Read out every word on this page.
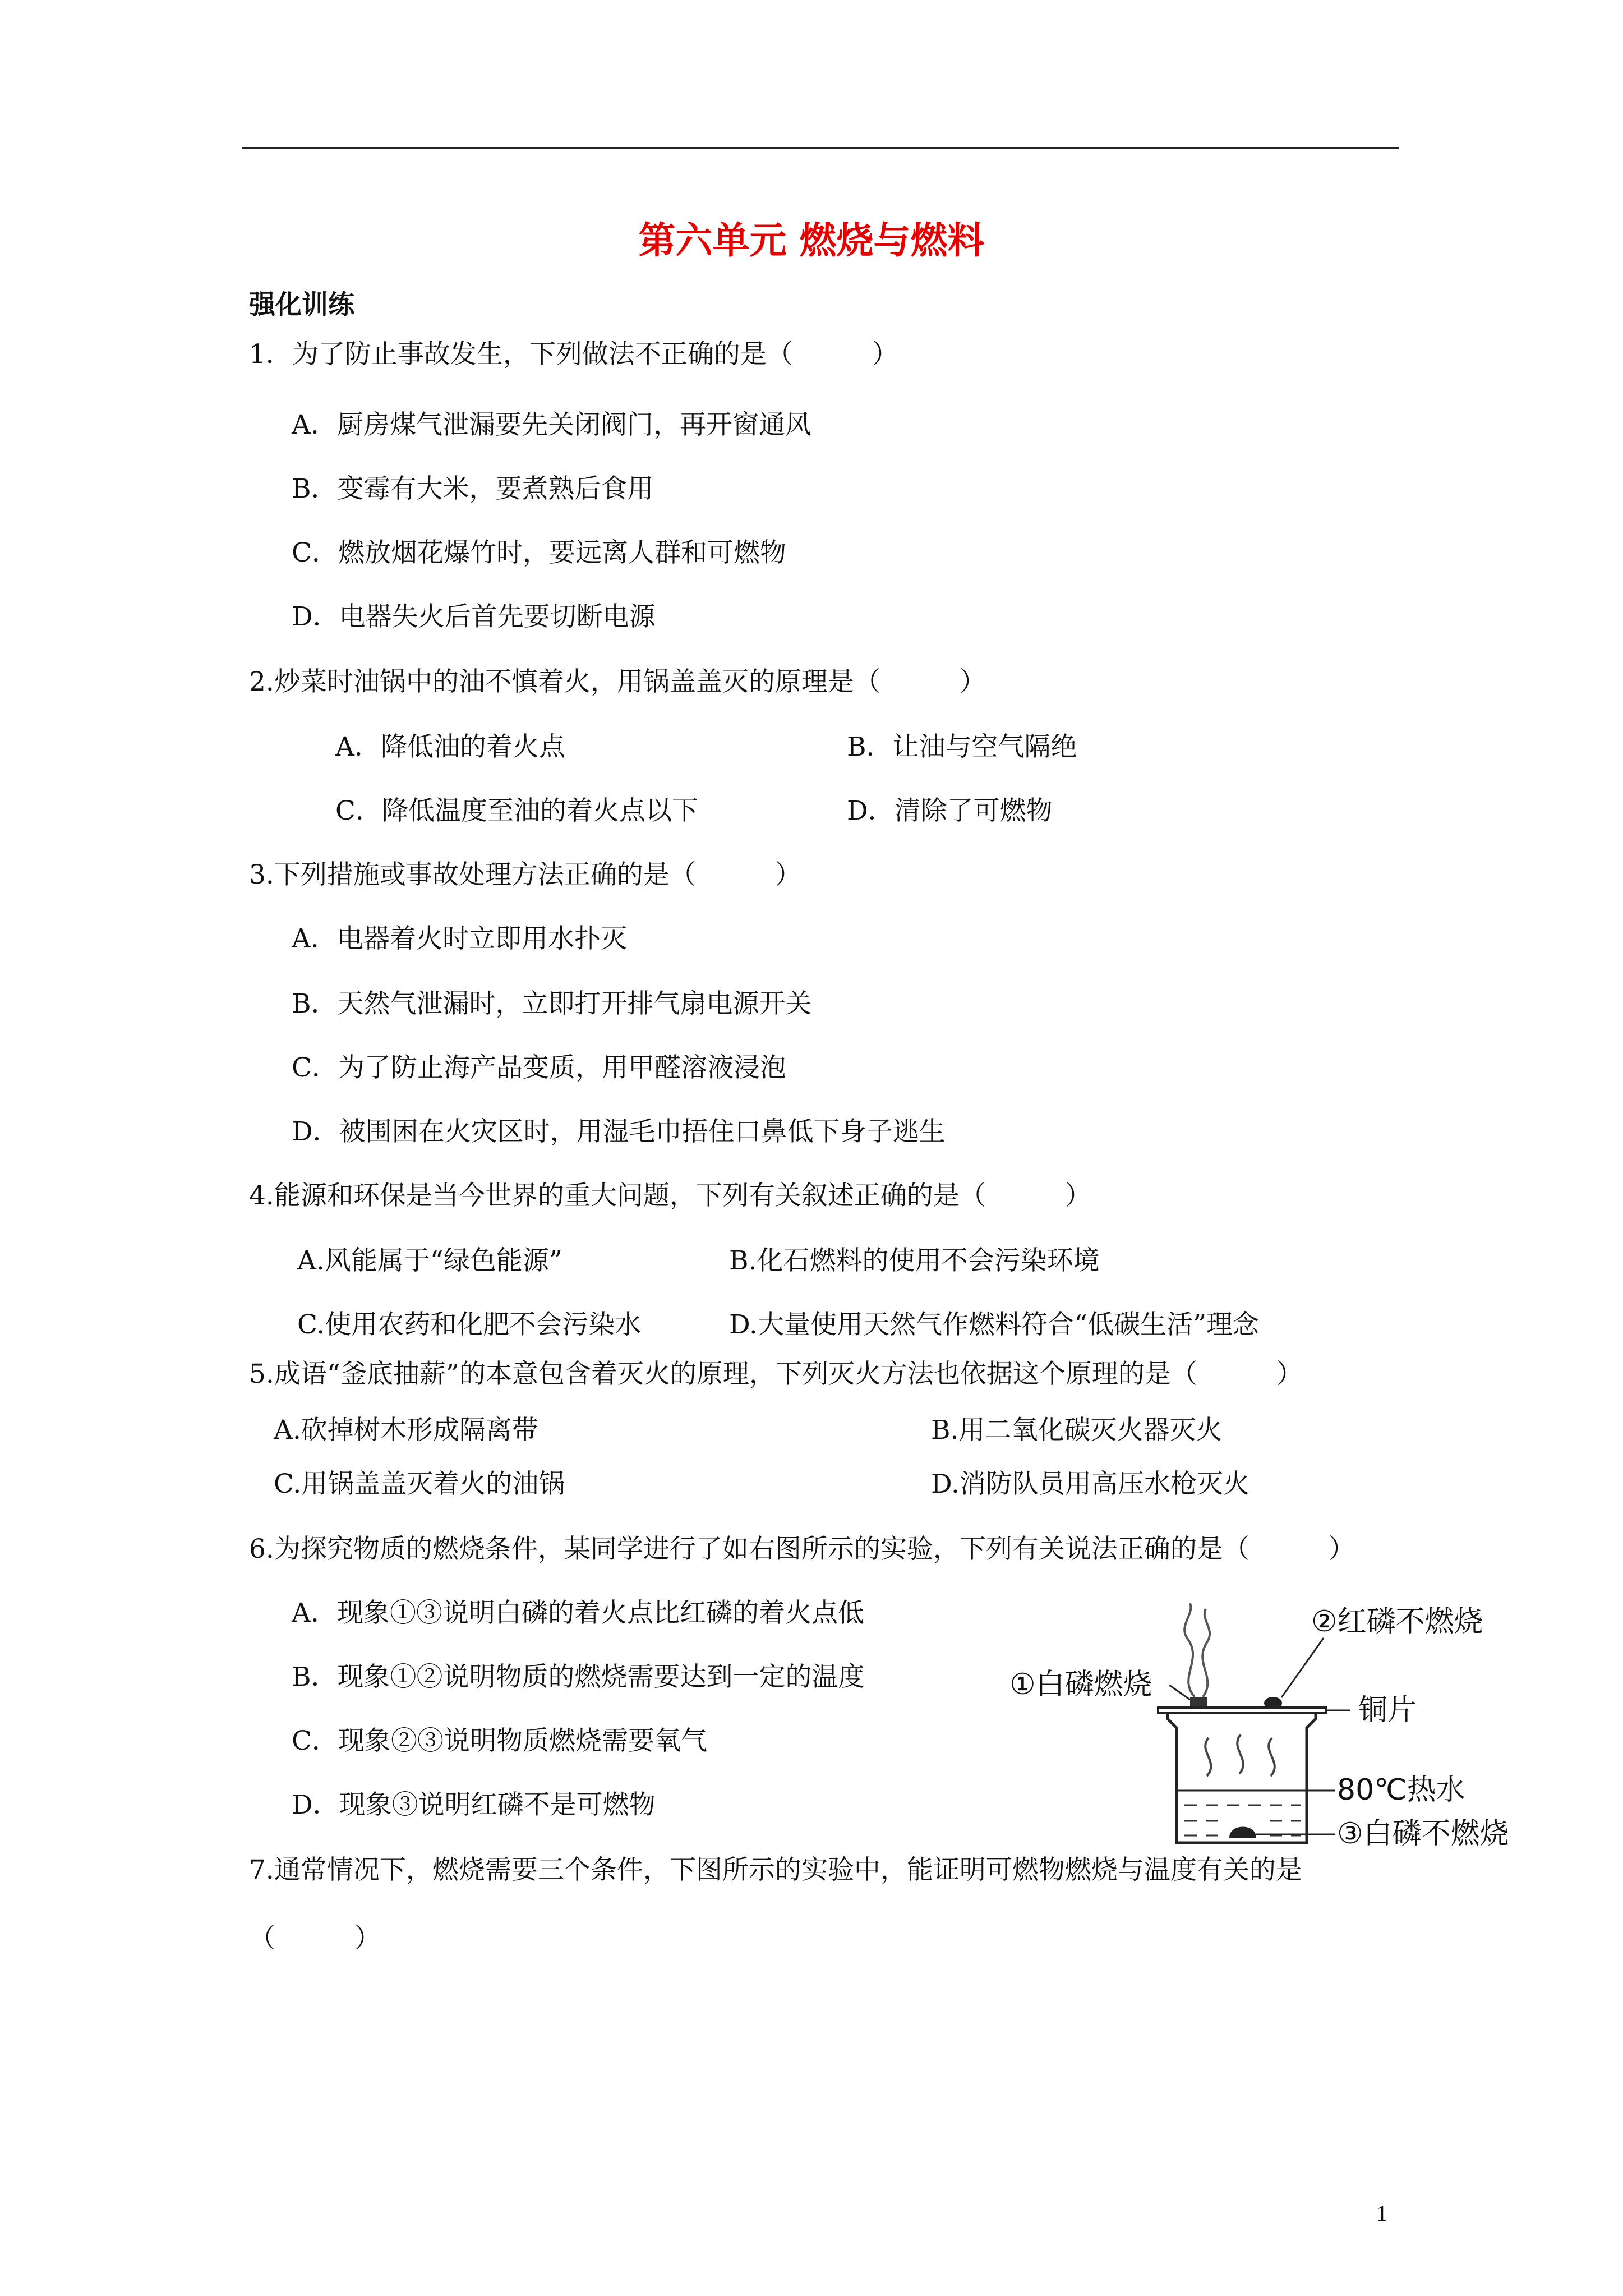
第六单元 燃烧与燃料
强化训练
1．为了防止事故发生，下列做法不正确的是（　　　）
A．厨房煤气泄漏要先关闭阀门，再开窗通风
B．变霉有大米，要煮熟后食用
C．燃放烟花爆竹时，要远离人群和可燃物
D．电器失火后首先要切断电源
2.炒菜时油锅中的油不慎着火，用锅盖盖灭的原理是（　　　）
A．降低油的着火点	B．让油与空气隔绝
C．降低温度至油的着火点以下	D．清除了可燃物
3.下列措施或事故处理方法正确的是（　　　）
A．电器着火时立即用水扑灭
B．天然气泄漏时，立即打开排气扇电源开关
C．为了防止海产品变质，用甲醛溶液浸泡
D．被围困在火灾区时，用湿毛巾捂住口鼻低下身子逃生
4.能源和环保是当今世界的重大问题，下列有关叙述正确的是（　　　）
A.风能属于“绿色能源”	B.化石燃料的使用不会污染环境
C.使用农药和化肥不会污染水	D.大量使用天然气作燃料符合“低碳生活”理念
5.成语“釜底抽薪”的本意包含着灭火的原理，下列灭火方法也依据这个原理的是（　　　）
A.砍掉树木形成隔离带	B.用二氧化碳灭火器灭火
C.用锅盖盖灭着火的油锅	D.消防队员用高压水枪灭火
6.为探究物质的燃烧条件，某同学进行了如右图所示的实验，下列有关说法正确的是（　　　）
A．现象①③说明白磷的着火点比红磷的着火点低
B．现象①②说明物质的燃烧需要达到一定的温度
C．现象②③说明物质燃烧需要氧气
D．现象③说明红磷不是可燃物
①白磷燃烧
②红磷不燃烧
铜片
80℃热水
③白磷不燃烧
7.通常情况下，燃烧需要三个条件，下图所示的实验中，能证明可燃物燃烧与温度有关的是
（　　　）
1
